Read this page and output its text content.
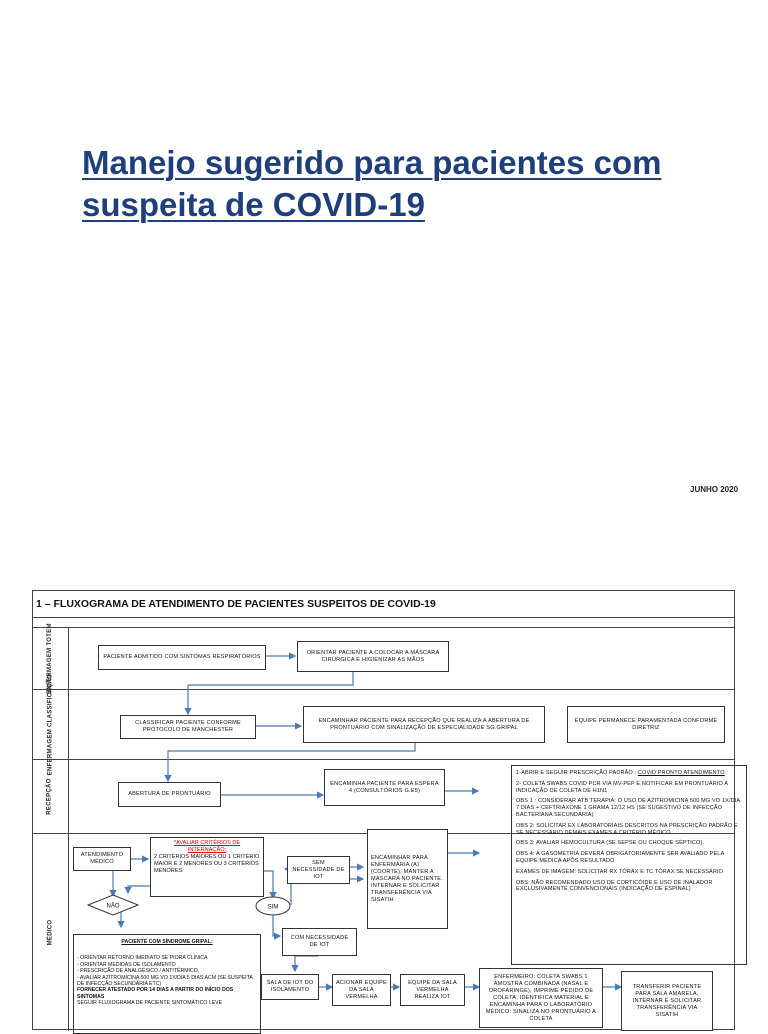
Manejo sugerido para pacientes com suspeita de COVID-19
JUNHO 2020
1 – FLUXOGRAMA DE ATENDIMENTO DE PACIENTES SUSPEITOS DE COVID-19
ENFERMAGEM TOTEM
ENFERMAGEM CLASSIFICAÇÃO
RECEPÇÃO
MÉDICO
PACIENTE ADMITIDO COM SINTOMAS RESPIRATÓRIOS
ORIENTAR PACIENTE A COLOCAR A MÁSCARA CIRÚRGICA E HIGIENIZAR AS MÃOS
CLASSIFICAR PACIENTE CONFORME PROTOCOLO DE MANCHESTER
ENCAMINHAR PACIENTE PARA RECEPÇÃO QUE REALIZA A ABERTURA DE PRONTUÁRIO COM SINALIZAÇÃO DE ESPECIALIDADE SG.GRIPAL
EQUIPE PERMANECE PARAMENTADA CONFORME DIRETRIZ
ABERTURA DE PRONTUÁRIO
ENCAMINHA PACIENTE PARA ESPERA 4 (CONSULTÓRIOS G.E5)

1-ABRIR E SEGUIR PRESCRIÇÃO PADRÃO : COVID PRONTO ATENDIMENTO :

2- COLETA SWABS COVID PCR VIA MV-PEP E NOTIFICAR EM PRONTUÁRIO A INDICAÇÃO DE COLETA DE H1N1

OBS 1 : CONSIDERAR ATB TERAPIA: O USO DE AZITROMICINA 500 MG VO 1X/DIA 7 DIAS + CEFTRIAXONE 1 GRAMA 12/12 HS (SE SUGESTIVO DE INFECÇÃO BACTERIANA SECUNDÁRIA)

OBS 2: SOLICITAR EX LABORATORIAIS DESCRITOS NA PRESCRIÇÃO PADRÃO E SE NECESSÁRIO DEMAIS EXAMES A CRITÉRIO MÉDICO

OBS 3: AVALIAR HEMOCULTURA (SE SEPSE OU CHOQUE SÉPTICO).

OBS 4: A GASOMETRIA DEVERÁ OBRIGATORIAMENTE SER AVALIADO PELA EQUIPE MÉDICA APÓS RESULTADO

EXAMES DE IMAGEM: SOLICITAR RX TÓRAX E TC TÓRAX SE NECESSÁRIO

OBS: NÃO RECOMENDADO USO DE CORTICÓIDE E USO DE INALADOR EXCLUSIVAMENTE CONVENCIONAIS (INDICAÇÃO DE ESPINAL)

ATENDIMENTO MÉDICO
*AVALIAR CRITÉRIOS DE INTERNAÇÃO:
2 CRITÉRIOS MAIORES OU 1 CRITÉRIO MAIOR E 2 MENORES OU 3 CRITÉRIOS MENORES
SEM NECESSIDADE DE IOT
ENCAMINHAR PARA ENFERMARIA (A) (COORTE), MANTER A MÁSCARA NO PACIENTE. INTERNAR E SOLICITAR TRANSFERÊNCIA VIA SISATIH
NÃO	SIM
COM NECESSIDADE DE IOT
PACIENTE COM SÍNDROME GRIPAL:
- ORIENTAR RETORNO IMEDIATO SE PIORA CLÍNICA
- ORIENTAR MEDIDAS DE ISOLAMENTO
- PRESCRIÇÃO DE ANALGÉSICO / ANTITÉRMICO,
- AVALIAR AZITROMICINA 500 MG VO 1X/DIA 5 DIAS ACM (SE SUSPEITA DE INFECÇÃO SECUNDÁRIA ETC)
FORNECER ATESTADO POR 14 DIAS A PARTIR DO INÍCIO DOS SINTOMAS
SEGUIR FLUXOGRAMA DE PACIENTE SINTOMÁTICO LEVE
SALA DE IOT DO ISOLAMENTO
ACIONAR EQUIPE DA SALA VERMELHA
EQUIPE DA SALA VERMELHA REALIZA IOT
ENFERMEIRO: COLETA SWABS 1 AMOSTRA COMBINADA (NASAL E OROFARINGE), IMPRIME PEDIDO DE COLETA, IDENTIFICA MATERIAL E ENCAMINHA PARA O LABORATÓRIO MÉDICO: SINALIZA NO PRONTUÁRIO A COLETA
TRANSFERIR PACIENTE PARA SALA AMARELA, INTERNAR E SOLICITAR TRANSFERÊNCIA VIA SISATIH
